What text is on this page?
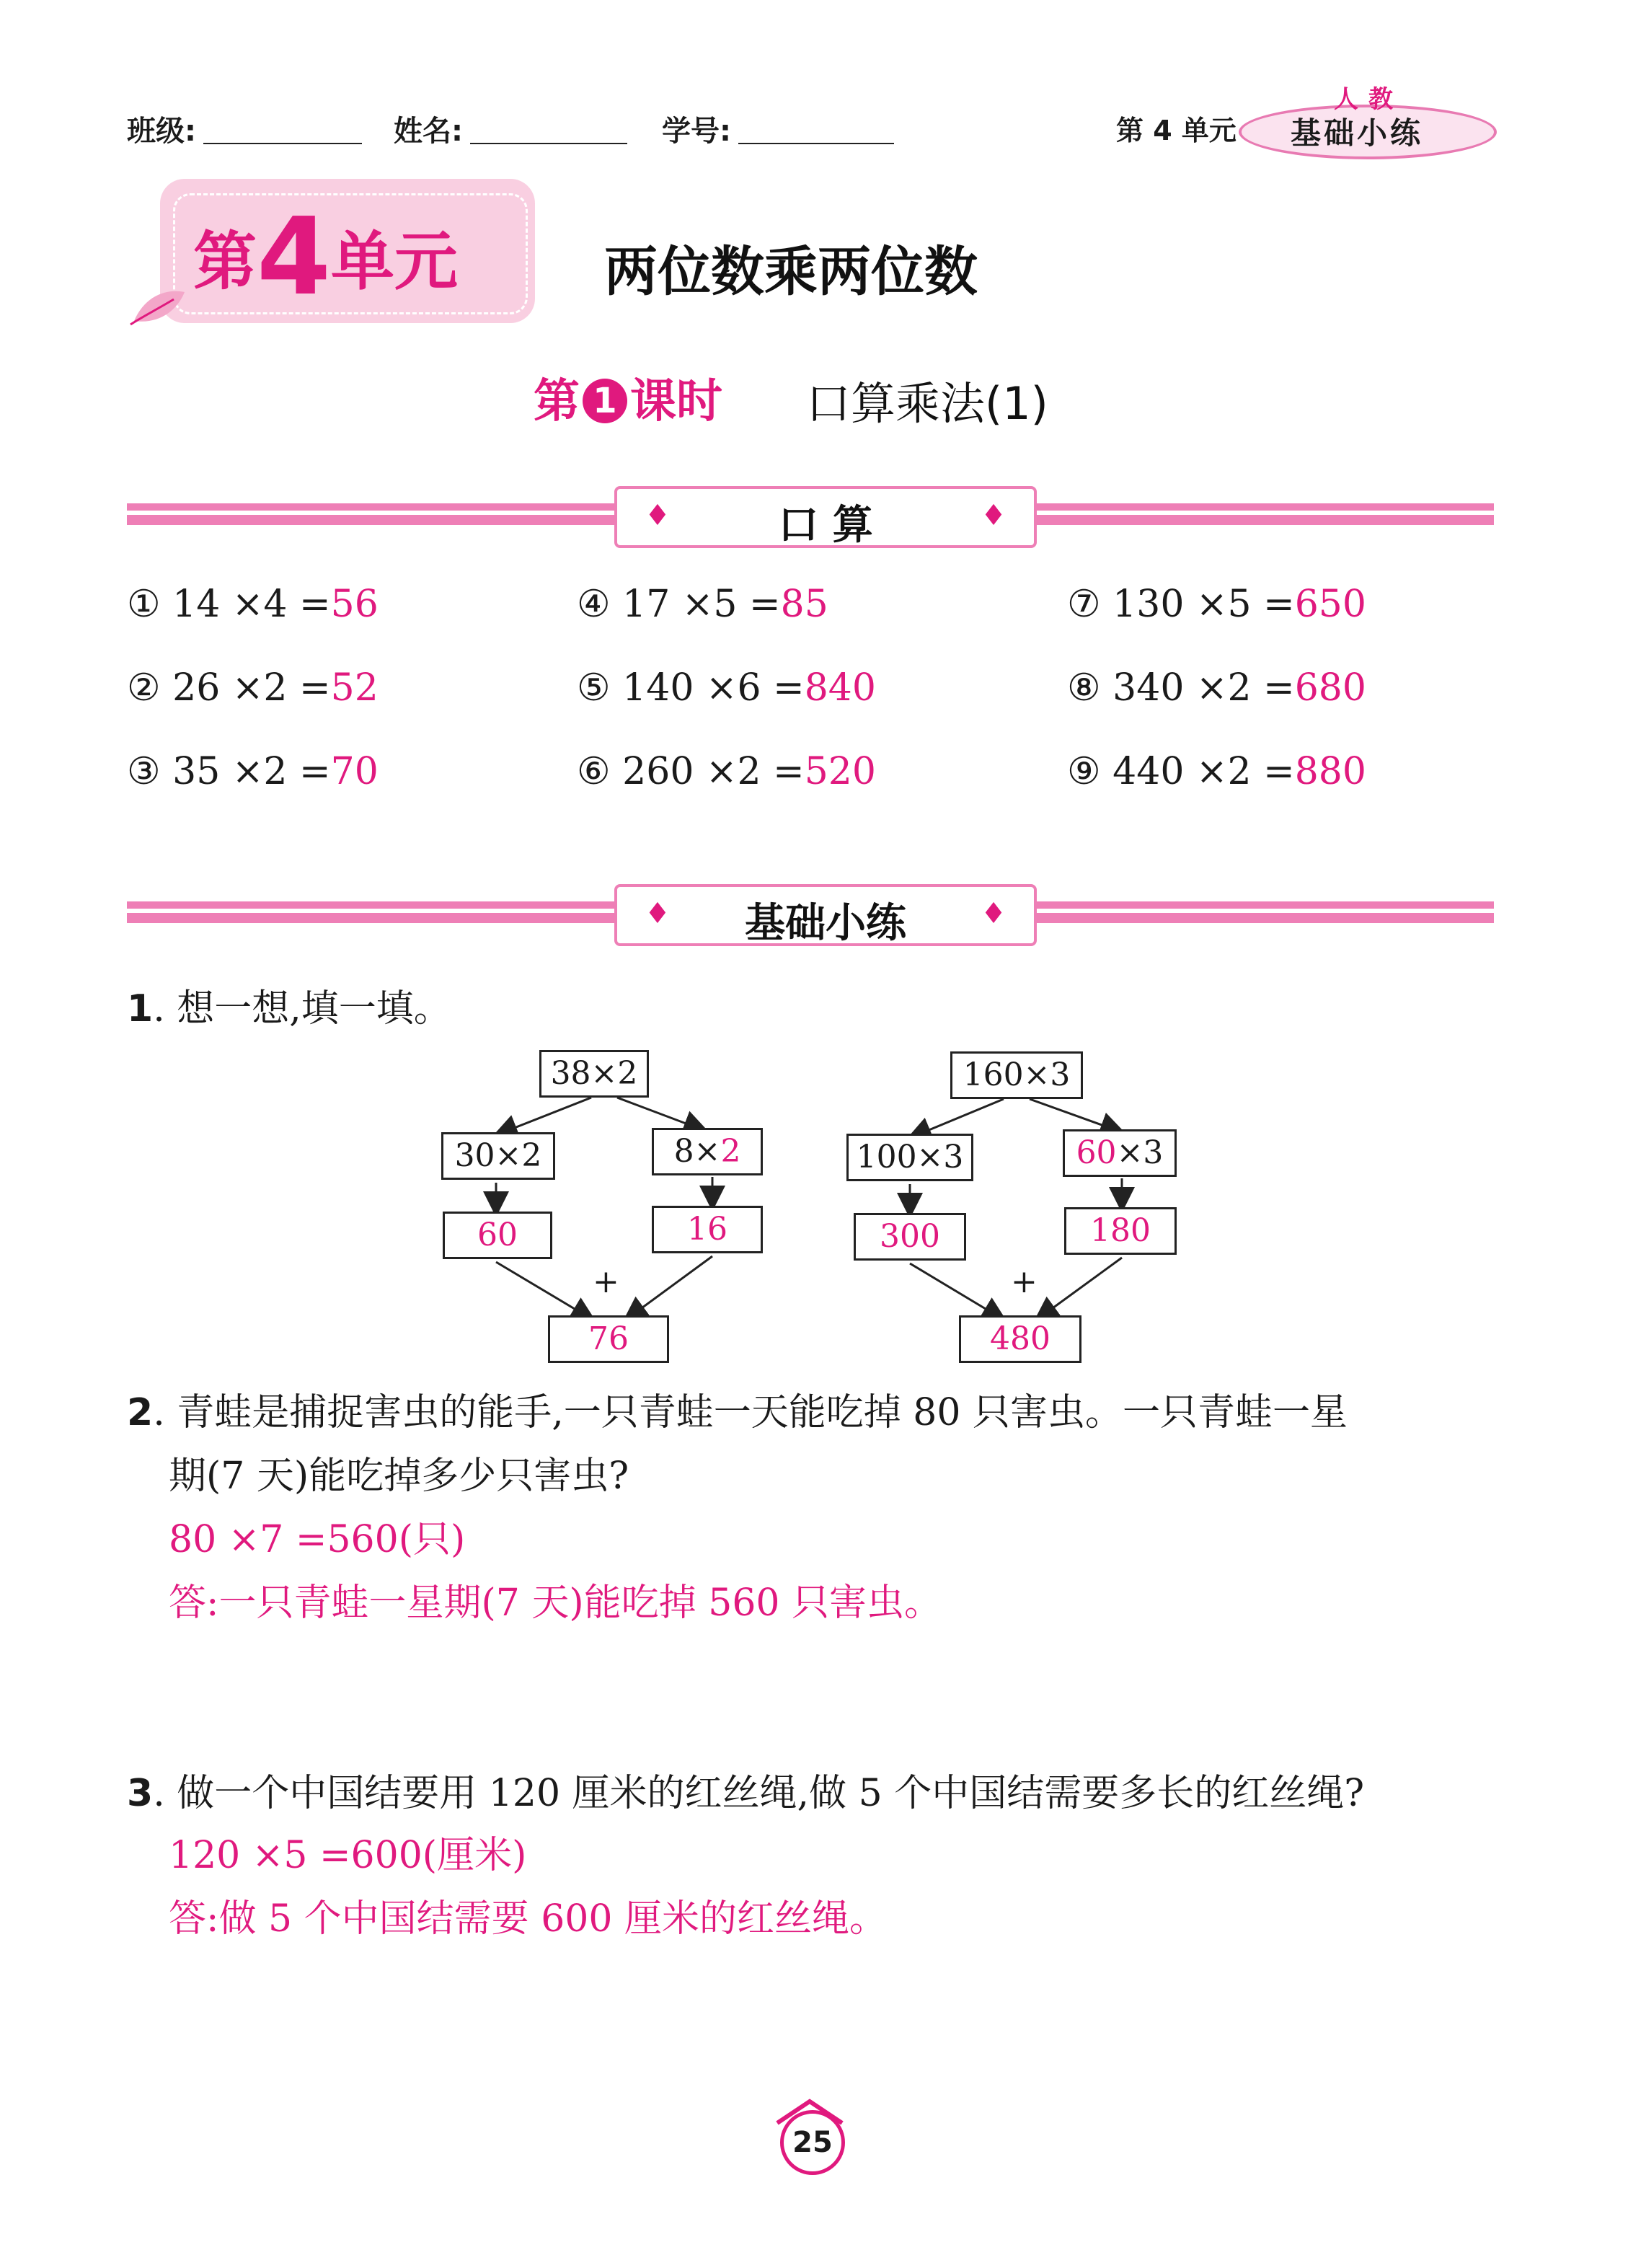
班级:	姓名:	学号:	第 4 单元
人教
基础小练
第4单元	两位数乘两位数
第 1 课时 口算乘法(1)
♦	口 算	♦
① 14 ×4 =56
② 26 ×2 =52
③ 35 ×2 =70
④ 17 ×5 =85
⑤ 140 ×6 =840
⑥ 260 ×2 =520
⑦ 130 ×5 =650
⑧ 340 ×2 =680
⑨ 440 ×2 =880
♦	基础小练	♦
1. 想一想,填一填。
38×2
30×2	8×2
60	16
+
76
160×3
100×3	60×3
300	180
+
480
2. 青蛙是捕捉害虫的能手,一只青蛙一天能吃掉 80 只害虫。一只青蛙一星
期(7 天)能吃掉多少只害虫?
80 ×7 =560(只)
答:一只青蛙一星期(7 天)能吃掉 560 只害虫。
3. 做一个中国结要用 120 厘米的红丝绳,做 5 个中国结需要多长的红丝绳?
120 ×5 =600(厘米)
答:做 5 个中国结需要 600 厘米的红丝绳。
25
